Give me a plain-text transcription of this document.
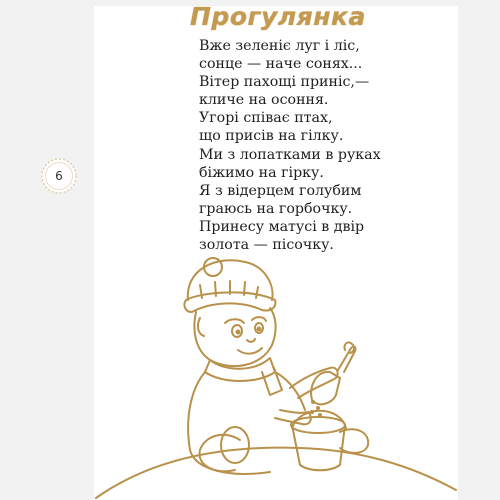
6
Прогулянка
Вже зеленіє луг і ліс,
сонце — наче сонях...
Вітер пахощі приніс,—
кличе на осоння.
Угорі співає птах,
що присів на гілку.
Ми з лопатками в руках
біжимо на гірку.
Я з відерцем голубим
граюсь на горбочку.
Принесу матусі в двір
золота — пісочку.
